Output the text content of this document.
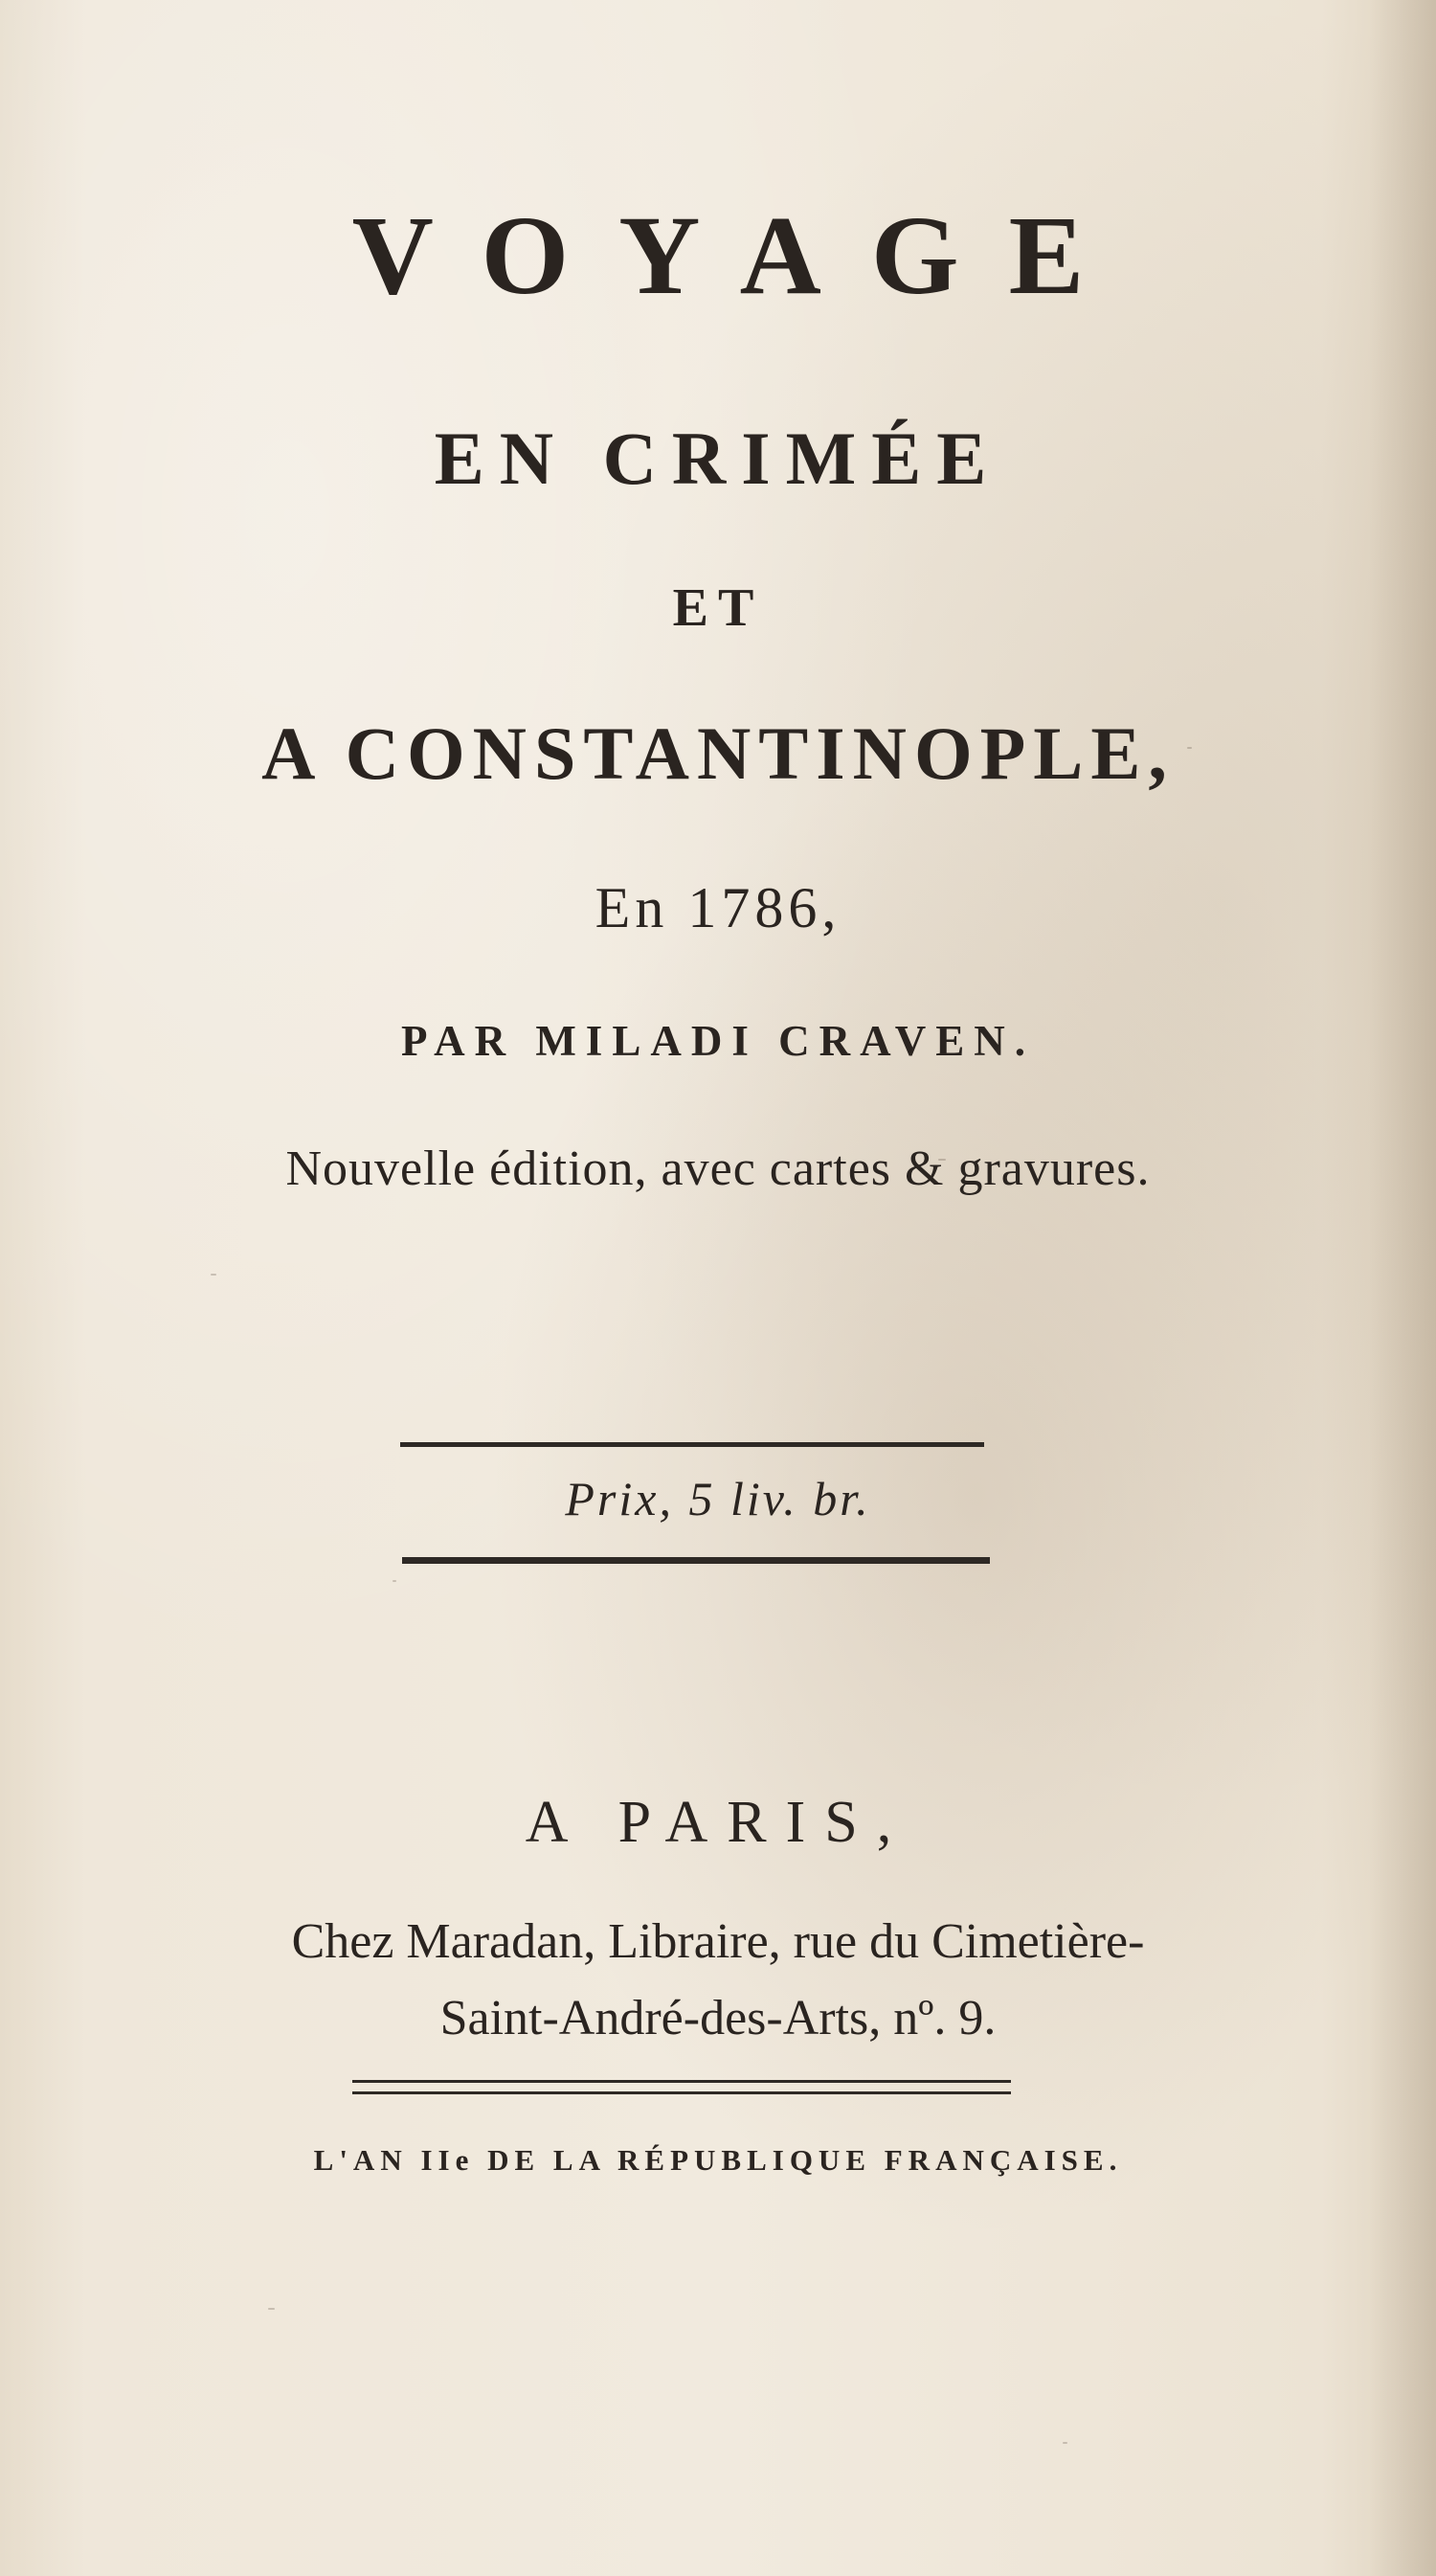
VOYAGE
EN CRIMÉE
ET
A CONSTANTINOPLE,
En 1786,
PAR MILADI CRAVEN.
Nouvelle édition, avec cartes & gravures.
Prix, 5 liv. br.
A PARIS,
Chez Maradan, Libraire, rue du Cimetière-
Saint-André-des-Arts, nº. 9.
L'AN IIe DE LA RÉPUBLIQUE FRANÇAISE.
